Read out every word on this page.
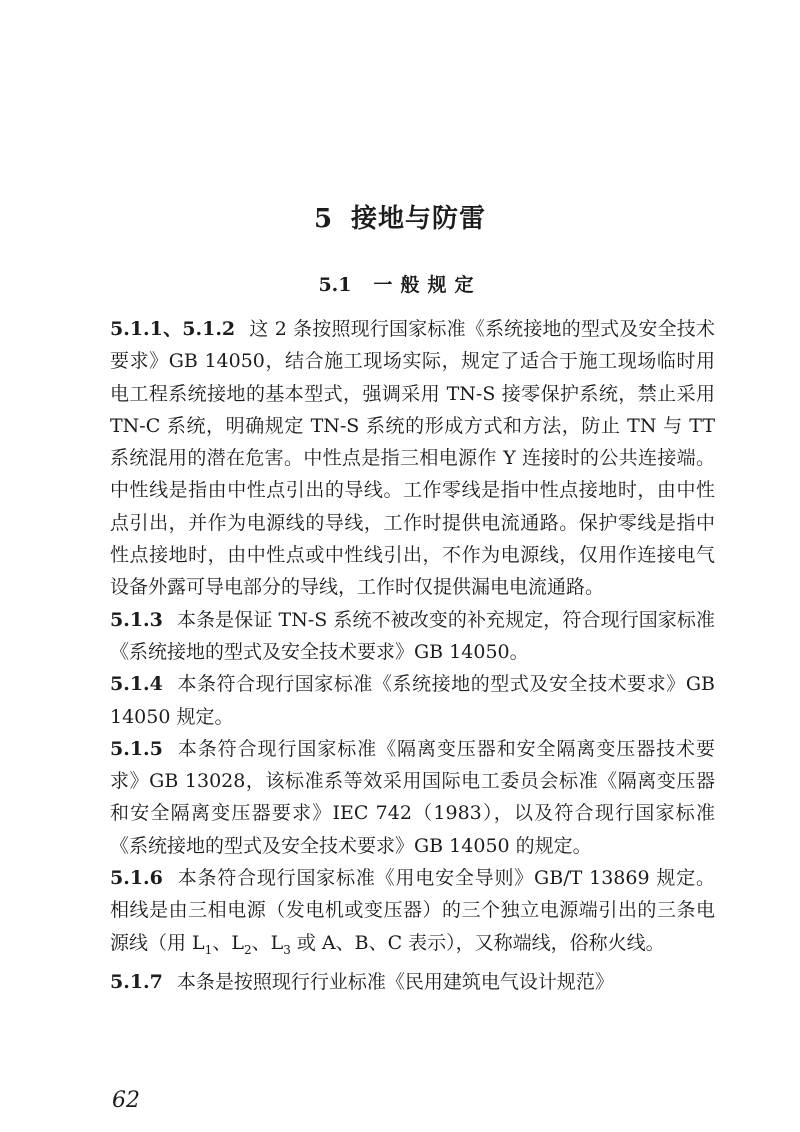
5 接地与防雷
5.1 一般规定

5.1.1、5.1.2 这 2 条按照现行国家标准《系统接地的型式及安全技术要求》GB 14050，结合施工现场实际，规定了适合于施工现场临时用电工程系统接地的基本型式，强调采用 TN-S 接零保护系统，禁止采用 TN-C 系统，明确规定 TN-S 系统的形成方式和方法，防止 TN 与 TT 系统混用的潜在危害。中性点是指三相电源作 Y 连接时的公共连接端。中性线是指由中性点引出的导线。工作零线是指中性点接地时，由中性点引出，并作为电源线的导线，工作时提供电流通路。保护零线是指中性点接地时，由中性点或中性线引出，不作为电源线，仅用作连接电气设备外露可导电部分的导线，工作时仅提供漏电电流通路。

5.1.3 本条是保证 TN-S 系统不被改变的补充规定，符合现行国家标准《系统接地的型式及安全技术要求》GB 14050。

5.1.4 本条符合现行国家标准《系统接地的型式及安全技术要求》GB 14050 规定。

5.1.5 本条符合现行国家标准《隔离变压器和安全隔离变压器技术要求》GB 13028，该标准系等效采用国际电工委员会标准《隔离变压器和安全隔离变压器要求》IEC 742（1983），以及符合现行国家标准《系统接地的型式及安全技术要求》GB 14050 的规定。

5.1.6 本条符合现行国家标准《用电安全导则》GB/T 13869 规定。相线是由三相电源（发电机或变压器）的三个独立电源端引出的三条电源线（用 $L_1$、$L_2$、$L_3$ 或 A、B、C 表示），又称端线，俗称火线。

5.1.7 本条是按照现行行业标准《民用建筑电气设计规范》

62
